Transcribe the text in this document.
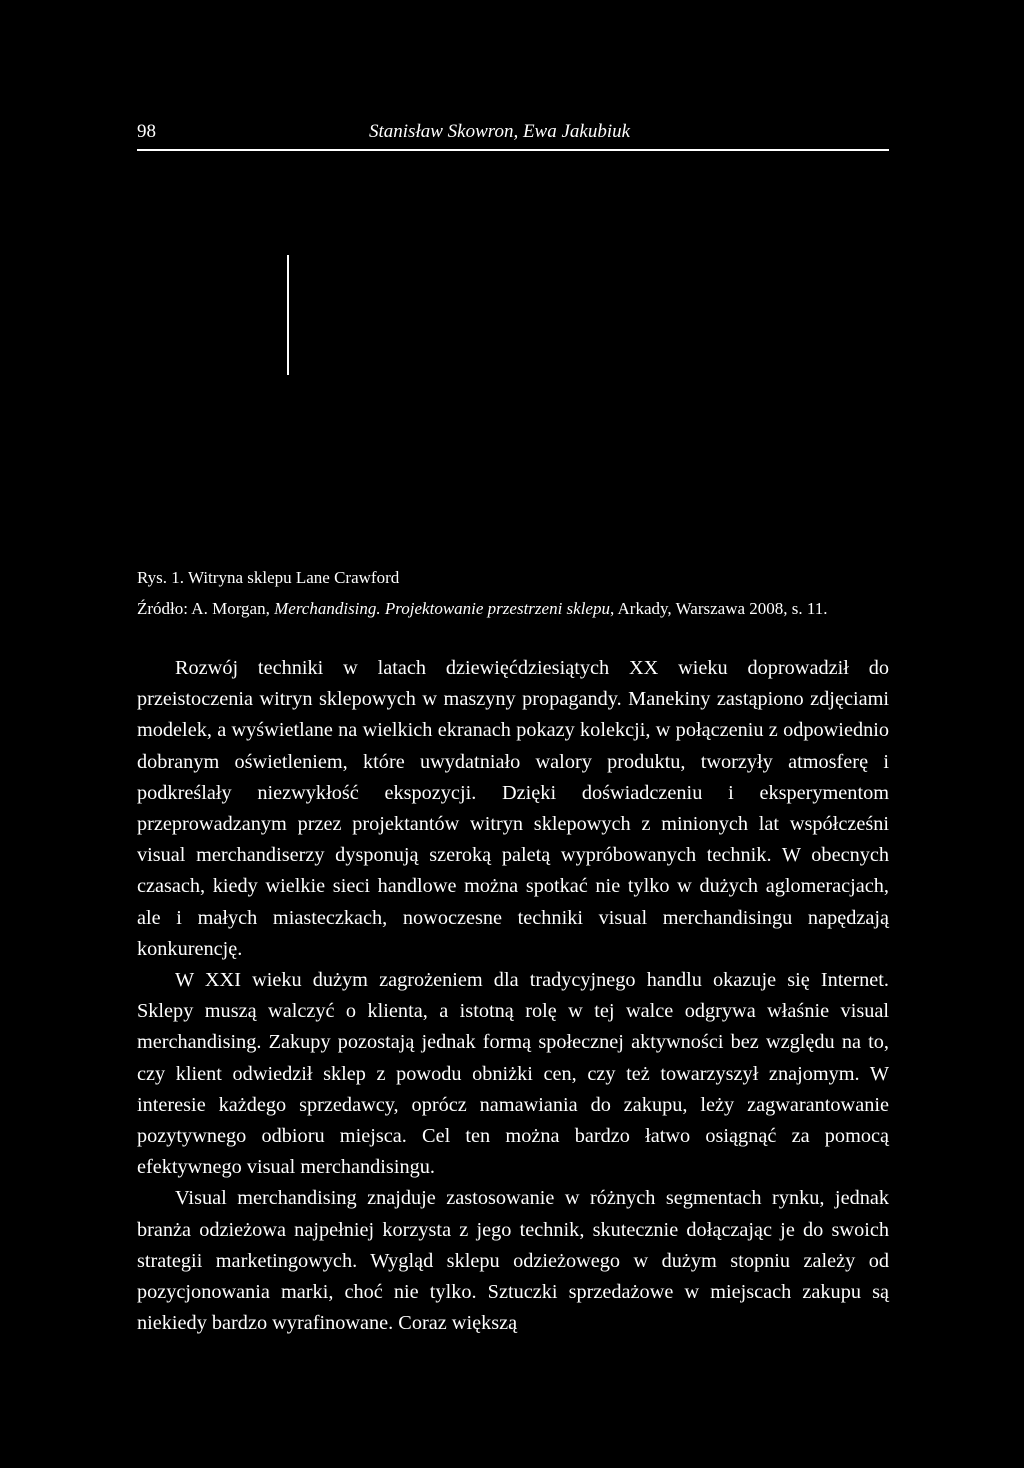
98	Stanisław Skowron, Ewa Jakubiuk
Rys. 1. Witryna sklepu Lane Crawford
Źródło: A. Morgan, Merchandising. Projektowanie przestrzeni sklepu, Arkady, Warszawa 2008, s. 11.

Rozwój techniki w latach dziewięćdziesiątych XX wieku doprowadził do przeistoczenia witryn sklepowych w maszyny propagandy. Manekiny zastąpiono zdjęciami modelek, a wyświetlane na wielkich ekranach pokazy kolekcji, w połączeniu z odpowiednio dobranym oświetleniem, które uwydatniało walory produktu, tworzyły atmosferę i podkreślały niezwykłość ekspozycji. Dzięki doświadczeniu i eksperymentom przeprowadzanym przez projektantów witryn sklepowych z minionych lat współcześni visual merchandiserzy dysponują szeroką paletą wypróbowanych technik. W obecnych czasach, kiedy wielkie sieci handlowe można spotkać nie tylko w dużych aglomeracjach, ale i małych miasteczkach, nowoczesne techniki visual merchandisingu napędzają konkurencję.

W XXI wieku dużym zagrożeniem dla tradycyjnego handlu okazuje się Internet. Sklepy muszą walczyć o klienta, a istotną rolę w tej walce odgrywa właśnie visual merchandising. Zakupy pozostają jednak formą społecznej aktywności bez względu na to, czy klient odwiedził sklep z powodu obniżki cen, czy też towarzyszył znajomym. W interesie każdego sprzedawcy, oprócz namawiania do zakupu, leży zagwarantowanie pozytywnego odbioru miejsca. Cel ten można bardzo łatwo osiągnąć za pomocą efektywnego visual merchandisingu.

Visual merchandising znajduje zastosowanie w różnych segmentach rynku, jednak branża odzieżowa najpełniej korzysta z jego technik, skutecznie dołączając je do swoich strategii marketingowych. Wygląd sklepu odzieżowego w dużym stopniu zależy od pozycjonowania marki, choć nie tylko. Sztuczki sprzedażowe w miejscach zakupu są niekiedy bardzo wyrafinowane. Coraz większą
